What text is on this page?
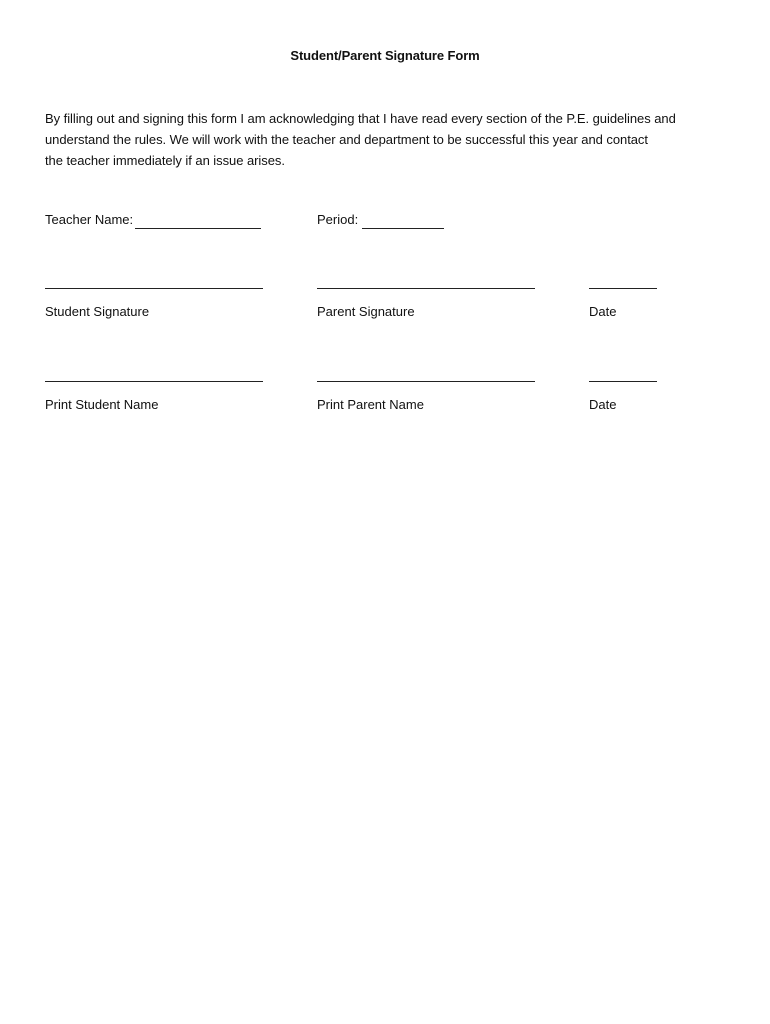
Student/Parent Signature Form
By filling out and signing this form I am acknowledging that I have read every section of the P.E. guidelines and
understand the rules. We will work with the teacher and department to be successful this year and contact
the teacher immediately if an issue arises.
Teacher Name:	Period:
Student Signature	Parent Signature	Date
Print Student Name	Print Parent Name	Date
